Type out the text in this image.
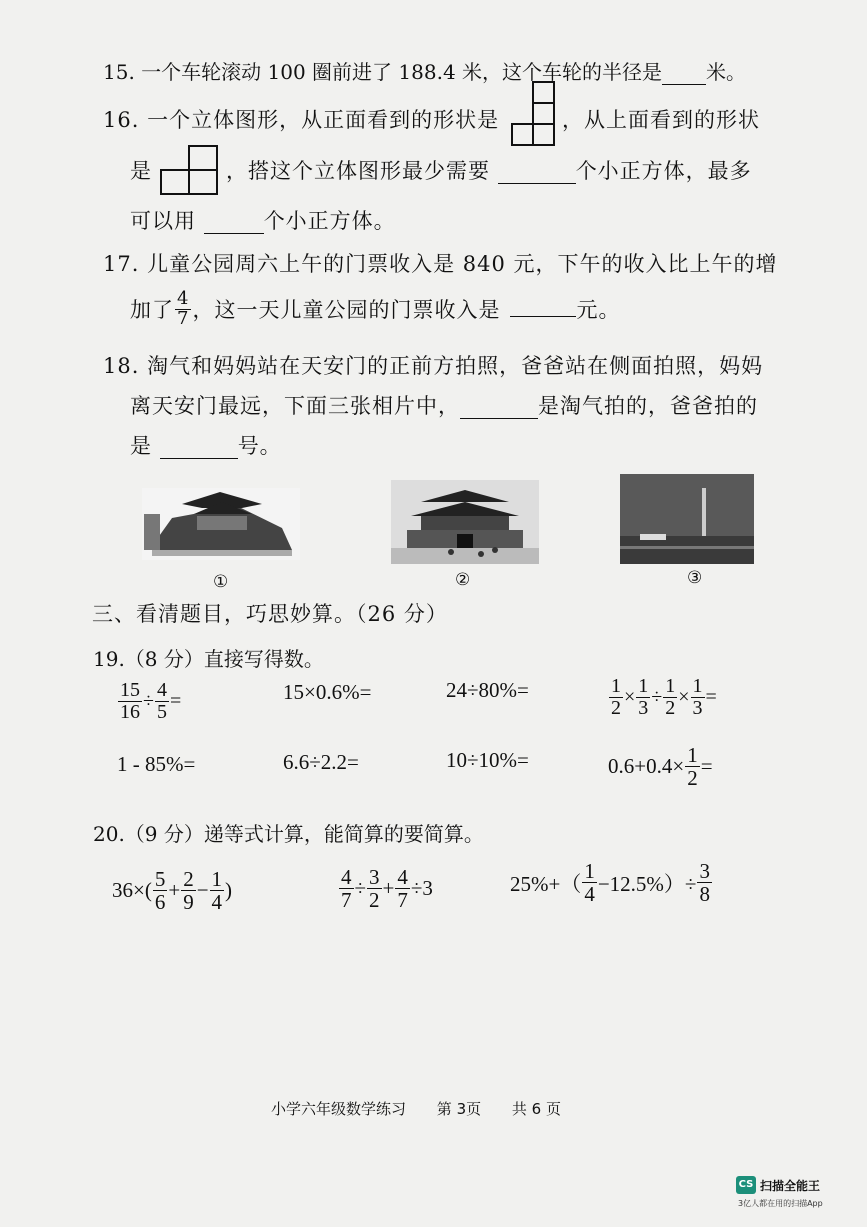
15. 一个车轮滚动 100 圈前进了 188.4 米，这个车轮的半径是 米。
16. 一个立体图形，从正面看到的形状是	，从上面看到的形状
是	，搭这个立体图形最少需要	个小正方体，最多
可以用	个小正方体。
17. 儿童公园周六上午的门票收入是 840 元，下午的收入比上午的增
加了 $\frac{4}{7}$ ，这一天儿童公园的门票收入是
	元。
18. 淘气和妈妈站在天安门的正前方拍照，爸爸站在侧面拍照，妈妈
离天安门最远，下面三张相片中，	是淘气拍的，爸爸拍的
是	号。
①	②	③
三、看清题目，巧思妙算。（26 分）
19.（8 分）直接写得数。
$\frac{15}{16} \div \frac{4}{5}$ =	15×0.6%=	24÷80%=	$\frac{1}{2} \times \frac{1}{3} \div \frac{1}{2} \times \frac{1}{3}$ =
1 - 85%=	6.6÷2.2=	10÷10%=	$0.6+0.4\times \frac{1}{2}$ =
20.（9 分）递等式计算，能简算的要简算。
$36\times( \frac{5}{6} + \frac{2}{9} - \frac{1}{4}$ )	$\frac{4}{7} \div \frac{3}{2} + \frac{4}{7} \div 3$	$25\%+( \frac{1}{4} -12.5\%)\div \frac{3}{8}$
小学六年级数学练习 第 3页 共 6 页
CS 扫描全能王
3亿人都在用的扫描App
